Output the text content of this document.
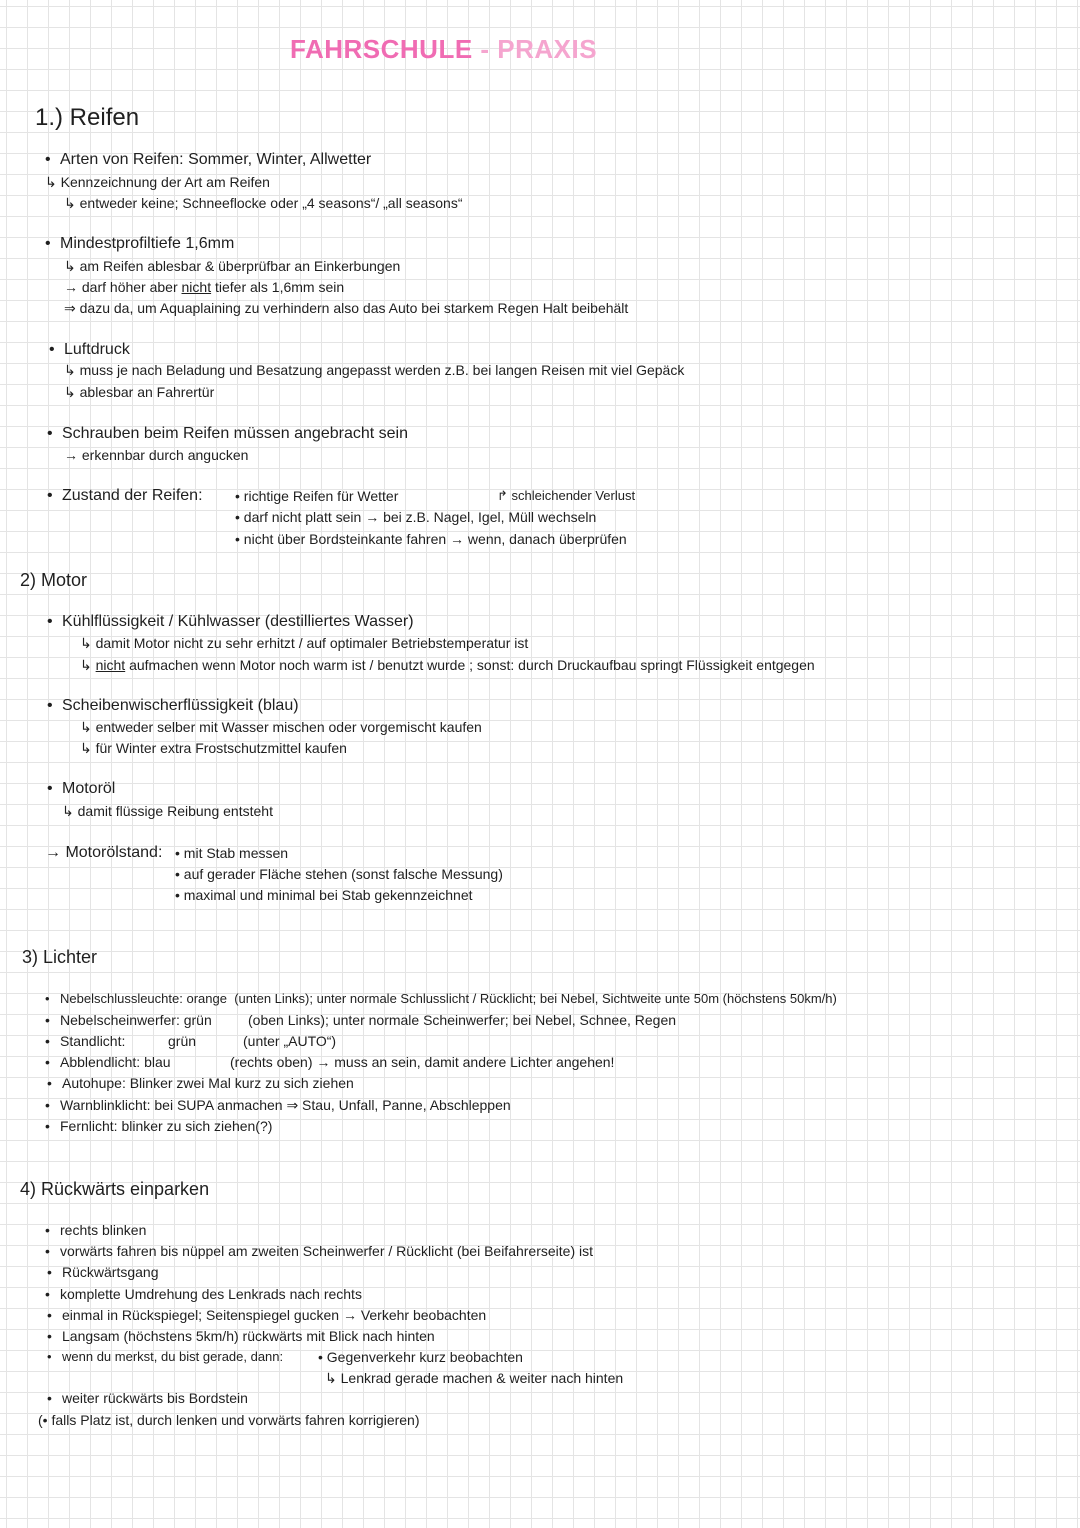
FAHRSCHULE - PRAXIS
1.) Reifen
• Arten von Reifen: Sommer, Winter, Allwetter
↳ Kennzeichnung der Art am Reifen
↳ entweder keine; Schneeflocke oder „4 seasons“/ „all seasons“
• Mindestprofiltiefe 1,6mm
↳ am Reifen ablesbar & überprüfbar an Einkerbungen
→ darf höher aber nicht tiefer als 1,6mm sein
⇒ dazu da, um Aquaplaining zu verhindern also das Auto bei starkem Regen Halt beibehält
• Luftdruck
↳ muss je nach Beladung und Besatzung angepasst werden z.B. bei langen Reisen mit viel Gepäck
↳ ablesbar an Fahrertür
• Schrauben beim Reifen müssen angebracht sein
→ erkennbar durch angucken
• Zustand der Reifen:	• richtige Reifen für Wetter	↱ schleichender Verlust
• darf nicht platt sein → bei z.B. Nagel, Igel, Müll wechseln
• nicht über Bordsteinkante fahren → wenn, danach überprüfen
2) Motor
• Kühlflüssigkeit / Kühlwasser (destilliertes Wasser)
↳ damit Motor nicht zu sehr erhitzt / auf optimaler Betriebstemperatur ist
↳ nicht aufmachen wenn Motor noch warm ist / benutzt wurde ; sonst: durch Druckaufbau springt Flüssigkeit entgegen
• Scheibenwischerflüssigkeit (blau)
↳ entweder selber mit Wasser mischen oder vorgemischt kaufen
↳ für Winter extra Frostschutzmittel kaufen
• Motoröl
↳ damit flüssige Reibung entsteht
→ Motorölstand:	• mit Stab messen
• auf gerader Fläche stehen (sonst falsche Messung)
• maximal und minimal bei Stab gekennzeichnet
3) Lichter
• Nebelschlussleuchte: orange (unten Links); unter normale Schlusslicht / Rücklicht; bei Nebel, Sichtweite unte 50m (höchstens 50km/h)
• Nebelscheinwerfer: grün	(oben Links); unter normale Scheinwerfer; bei Nebel, Schnee, Regen
• Standlicht:	grün	(unter „AUTO“)
• Abblendlicht: blau	(rechts oben) → muss an sein, damit andere Lichter angehen!
• Autohupe: Blinker zwei Mal kurz zu sich ziehen
• Warnblinklicht: bei SUPA anmachen ⇒ Stau, Unfall, Panne, Abschleppen
• Fernlicht: blinker zu sich ziehen(?)
4) Rückwärts einparken
• rechts blinken
• vorwärts fahren bis nüppel am zweiten Scheinwerfer / Rücklicht (bei Beifahrerseite) ist
• Rückwärtsgang
• komplette Umdrehung des Lenkrads nach rechts
• einmal in Rückspiegel; Seitenspiegel gucken → Verkehr beobachten
• Langsam (höchstens 5km/h) rückwärts mit Blick nach hinten
• wenn du merkst, du bist gerade, dann:	• Gegenverkehr kurz beobachten
↳ Lenkrad gerade machen & weiter nach hinten
• weiter rückwärts bis Bordstein
(• falls Platz ist, durch lenken und vorwärts fahren korrigieren)
